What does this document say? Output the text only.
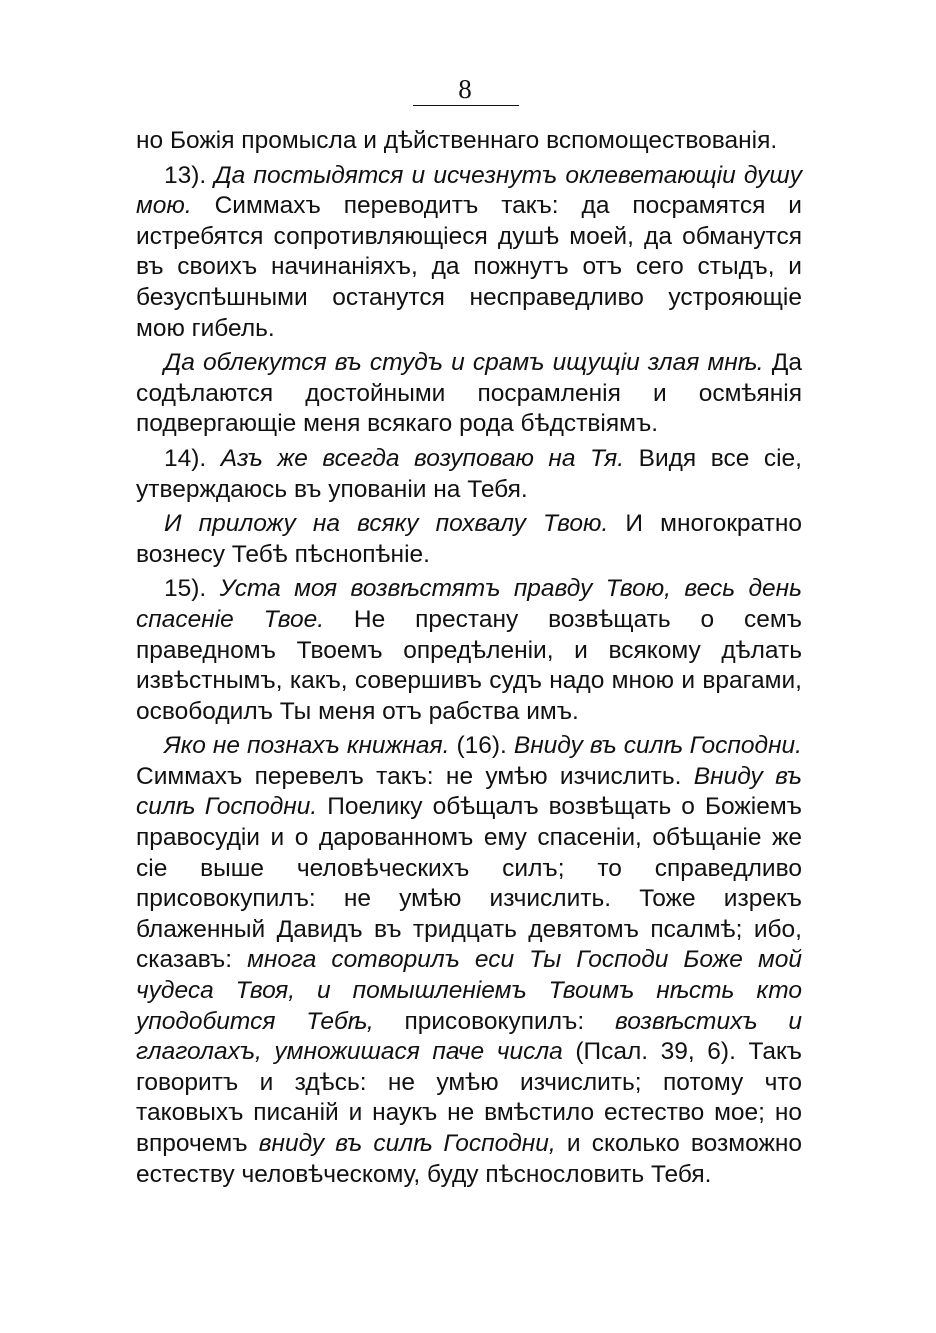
8

но Божія промысла и дѣйственнаго вспомоществованія.

13). Да постыдятся и исчезнутъ оклеветающіи душу мою. Симмахъ переводитъ такъ: да посрамятся и истребятся сопротивляющіеся душѣ моей, да обманутся въ своихъ начинаніяхъ, да пожнутъ отъ сего стыдъ, и безуспѣшными останутся несправедливо устрояющіе мою гибель.

Да облекутся въ студъ и срамъ ищущіи злая мнѣ. Да содѣлаются достойными посрамленія и осмѣянія подвергающіе меня всякаго рода бѣдствіямъ.

14). Азъ же всегда возуповаю на Тя. Видя все сіе, утверждаюсь въ упованіи на Тебя.

И приложу на всяку похвалу Твою. И многократно вознесу Тебѣ пѣснопѣніе.

15). Уста моя возвѣстятъ правду Твою, весь день спасеніе Твое. Не престану возвѣщать о семъ праведномъ Твоемъ опредѣленіи, и всякому дѣлать извѣстнымъ, какъ, совершивъ судъ надо мною и врагами, освободилъ Ты меня отъ рабства имъ.

Яко не познахъ книжная. (16). Вниду въ силѣ Господни. Симмахъ перевелъ такъ: не умѣю изчислить. Вниду въ силѣ Господни. Поелику обѣщалъ возвѣщать о Божіемъ правосудіи и о дарованномъ ему спасеніи, обѣщаніе же сіе выше человѣческихъ силъ; то справедливо присовокупилъ: не умѣю изчислить. Тоже изрекъ блаженный Давидъ въ тридцать девятомъ псалмѣ; ибо, сказавъ: многа сотворилъ еси Ты Господи Боже мой чудеса Твоя, и помышленіемъ Твоимъ нѣсть кто уподобится Тебѣ, присовокупилъ: возвѣстихъ и глаголахъ, умножишася паче числа (Псал. 39, 6). Такъ говоритъ и здѣсь: не умѣю изчислить; потому что таковыхъ писаній и наукъ не вмѣстило естество мое; но впрочемъ вниду въ силѣ Господни, и сколько возможно естеству человѣческому, буду пѣснословить Тебя.
